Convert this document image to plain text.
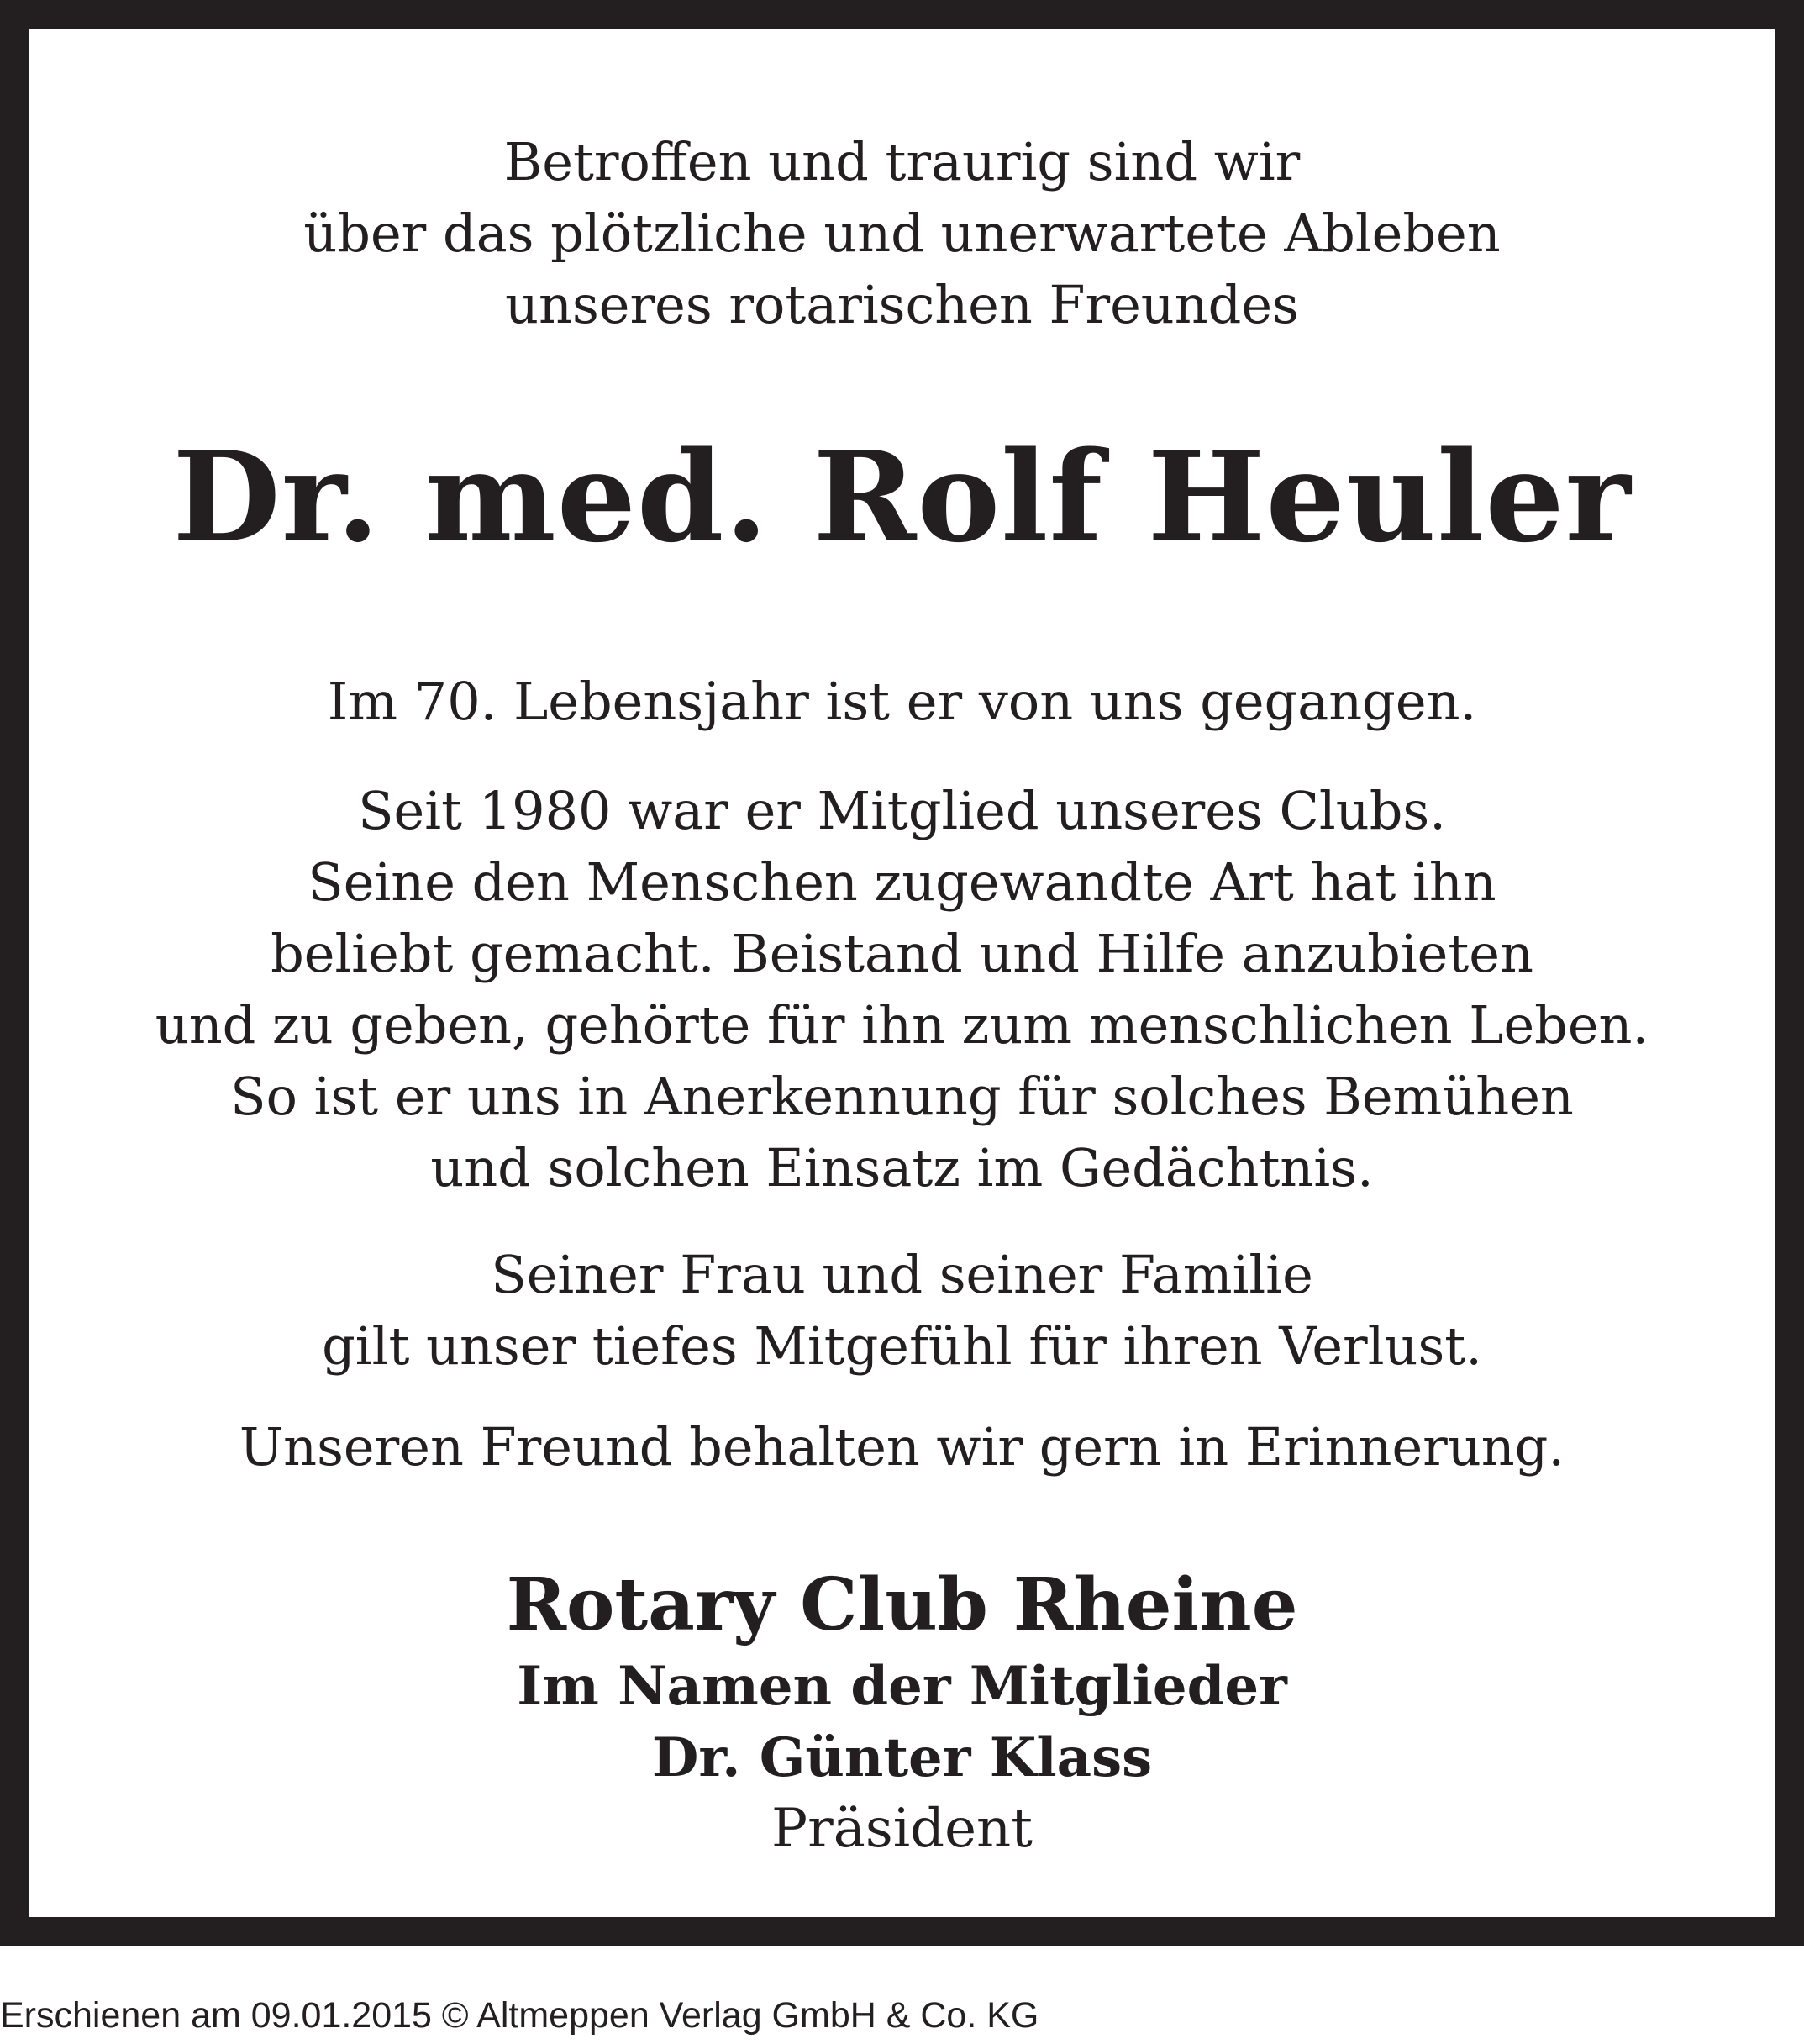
Betroffen und traurig sind wir
über das plötzliche und unerwartete Ableben
unseres rotarischen Freundes
Dr. med. Rolf Heuler
Im 70. Lebensjahr ist er von uns gegangen.
Seit 1980 war er Mitglied unseres Clubs.
Seine den Menschen zugewandte Art hat ihn
beliebt gemacht. Beistand und Hilfe anzubieten
und zu geben, gehörte für ihn zum menschlichen Leben.
So ist er uns in Anerkennung für solches Bemühen
und solchen Einsatz im Gedächtnis.
Seiner Frau und seiner Familie
gilt unser tiefes Mitgefühl für ihren Verlust.
Unseren Freund behalten wir gern in Erinnerung.
Rotary Club Rheine
Im Namen der Mitglieder
Dr. Günter Klass
Präsident
Erschienen am 09.01.2015 © Altmeppen Verlag GmbH & Co. KG
